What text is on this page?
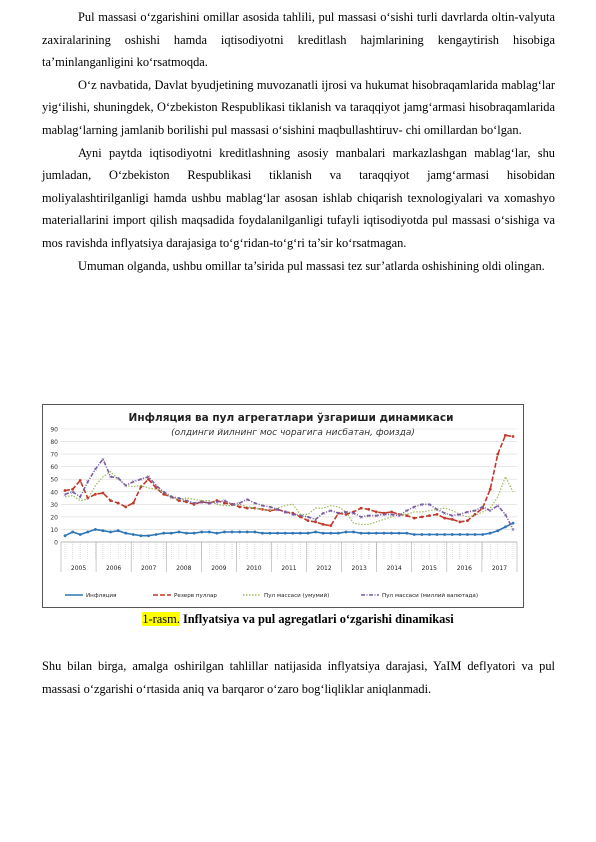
Pul massasi o‘zgarishini omillar asosida tahlili, pul massasi o‘sishi turli davrlarda oltin-valyuta zaxiralarining oshishi hamda iqtisodiyotni kreditlash hajmlarining kengaytirish hisobiga ta’minlanganligini ko‘rsatmoqda.

O‘z navbatida, Davlat byudjetining muvozanatli ijrosi va hukumat hisobraqamlarida mablag‘lar yig‘ilishi, shuningdek, O‘zbekiston Respublikasi tiklanish va taraqqiyot jamg‘armasi hisobraqamlarida mablag‘larning jamlanib borilishi pul massasi o‘sishini maqbullashtiruv- chi omillardan bo‘lgan.

Ayni paytda iqtisodiyotni kreditlashning asosiy manbalari markazlashgan mablag‘lar, shu jumladan, O‘zbekiston Respublikasi tiklanish va taraqqiyot jamg‘armasi hisobidan moliyalashtirilganligi hamda ushbu mablag‘lar asosan ishlab chiqarish texnologiyalari va xomashyo materiallarini import qilish maqsadida foydalanilganligi tufayli iqtisodiyotda pul massasi o‘sishiga va mos ravishda inflyatsiya darajasiga to‘g‘ridan-to‘g‘ri ta’sir ko‘rsatmagan.

Umuman olganda, ushbu omillar ta’sirida pul massasi tez sur’atlarda oshishining oldi olingan.

Инфляция ва пул агрегатлари ўзгариши динамикаси
(олдинги йилнинг мос чорагига нисбатан, фоизда)
0
10
20
30
40
50
60
70
80
90
2005	2006	2007	2008	2009	2010	2011	2012	2013	2014	2015	2016	2017
× ×
×
×
×
×
× ×
×
× × ×
×
×
× × × × × × × ×
× ×
×
× × × × × × × × ×
× × × × ×
× × × × × ×
×
× × ×
×
× × × × ×
×
×
×
×
×
Инфляция	Резерв пуллар	Пул массаси (умумий)	Пул массаси (миллий валютада)
1-rasm. Inflyatsiya va pul agregatlari o‘zgarishi dinamikasi

Shu bilan birga, amalga oshirilgan tahlillar natijasida inflyatsiya darajasi, YaIM deflyatori va pul massasi o‘zgarishi o‘rtasida aniq va barqaror o‘zaro bog‘liqliklar aniqlanmadi.
